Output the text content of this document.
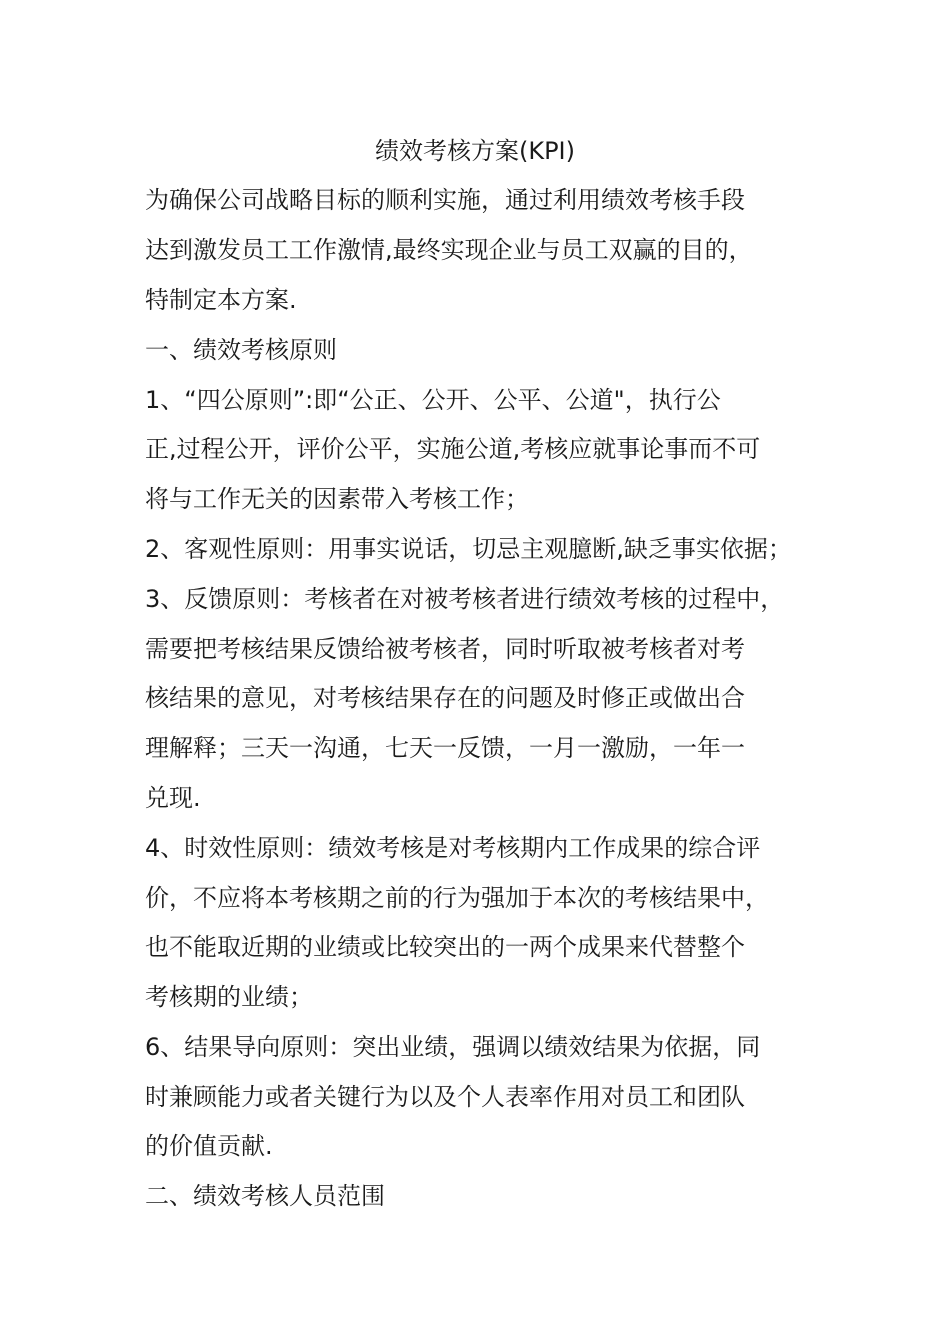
绩效考核方案(KPI)
为确保公司战略目标的顺利实施，通过利用绩效考核手段
达到激发员工工作激情,最终实现企业与员工双赢的目的，
特制定本方案.
一、绩效考核原则
1、“四公原则”:即“公正、公开、公平、公道"，执行公
正,过程公开，评价公平，实施公道,考核应就事论事而不可
将与工作无关的因素带入考核工作；
2、客观性原则：用事实说话，切忌主观臆断,缺乏事实依据；
3、反馈原则：考核者在对被考核者进行绩效考核的过程中，
需要把考核结果反馈给被考核者，同时听取被考核者对考
核结果的意见，对考核结果存在的问题及时修正或做出合
理解释；三天一沟通，七天一反馈，一月一激励，一年一
兑现.
4、时效性原则：绩效考核是对考核期内工作成果的综合评
价，不应将本考核期之前的行为强加于本次的考核结果中，
也不能取近期的业绩或比较突出的一两个成果来代替整个
考核期的业绩；
6、结果导向原则：突出业绩，强调以绩效结果为依据，同
时兼顾能力或者关键行为以及个人表率作用对员工和团队
的价值贡献.
二、绩效考核人员范围
